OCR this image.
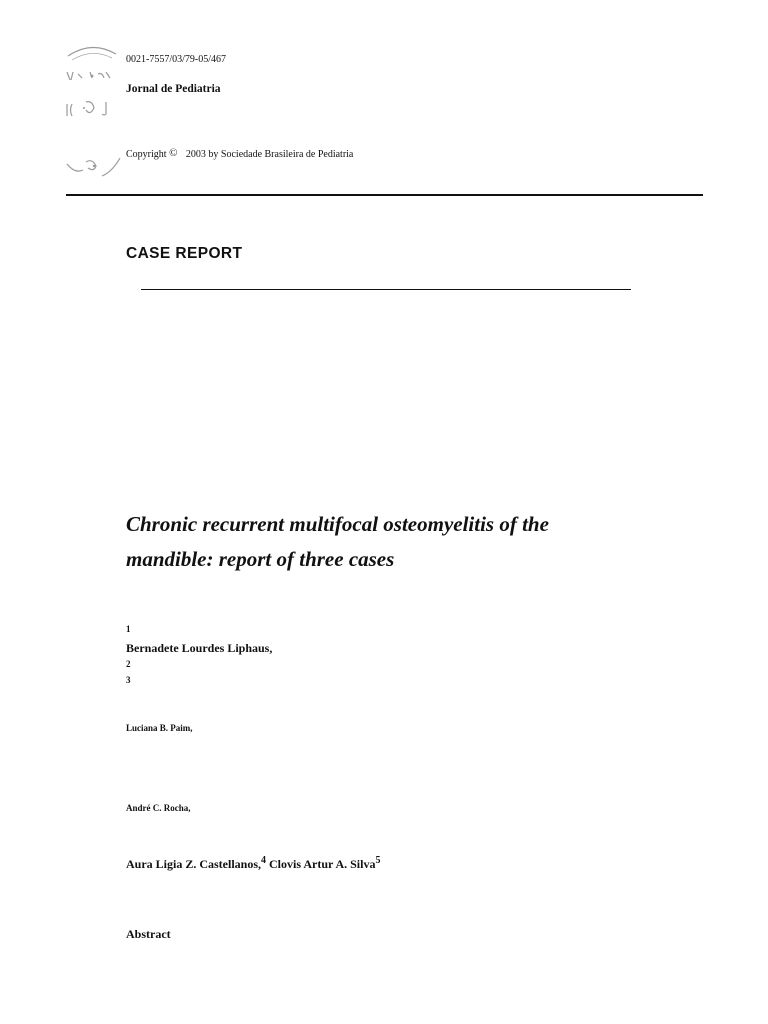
0021-7557/03/79-05/467
Jornal de Pediatria
Copyright © 2003 by Sociedade Brasileira de Pediatria
CASE REPORT
Chronic recurrent multifocal osteomyelitis of the
mandible: report of three cases
1
Bernadete Lourdes Liphaus,
2
3
Luciana B. Paim,
André C. Rocha,
Aura Ligia Z. Castellanos,$^4$ Clovis Artur A. Silva$^5$
Abstract
